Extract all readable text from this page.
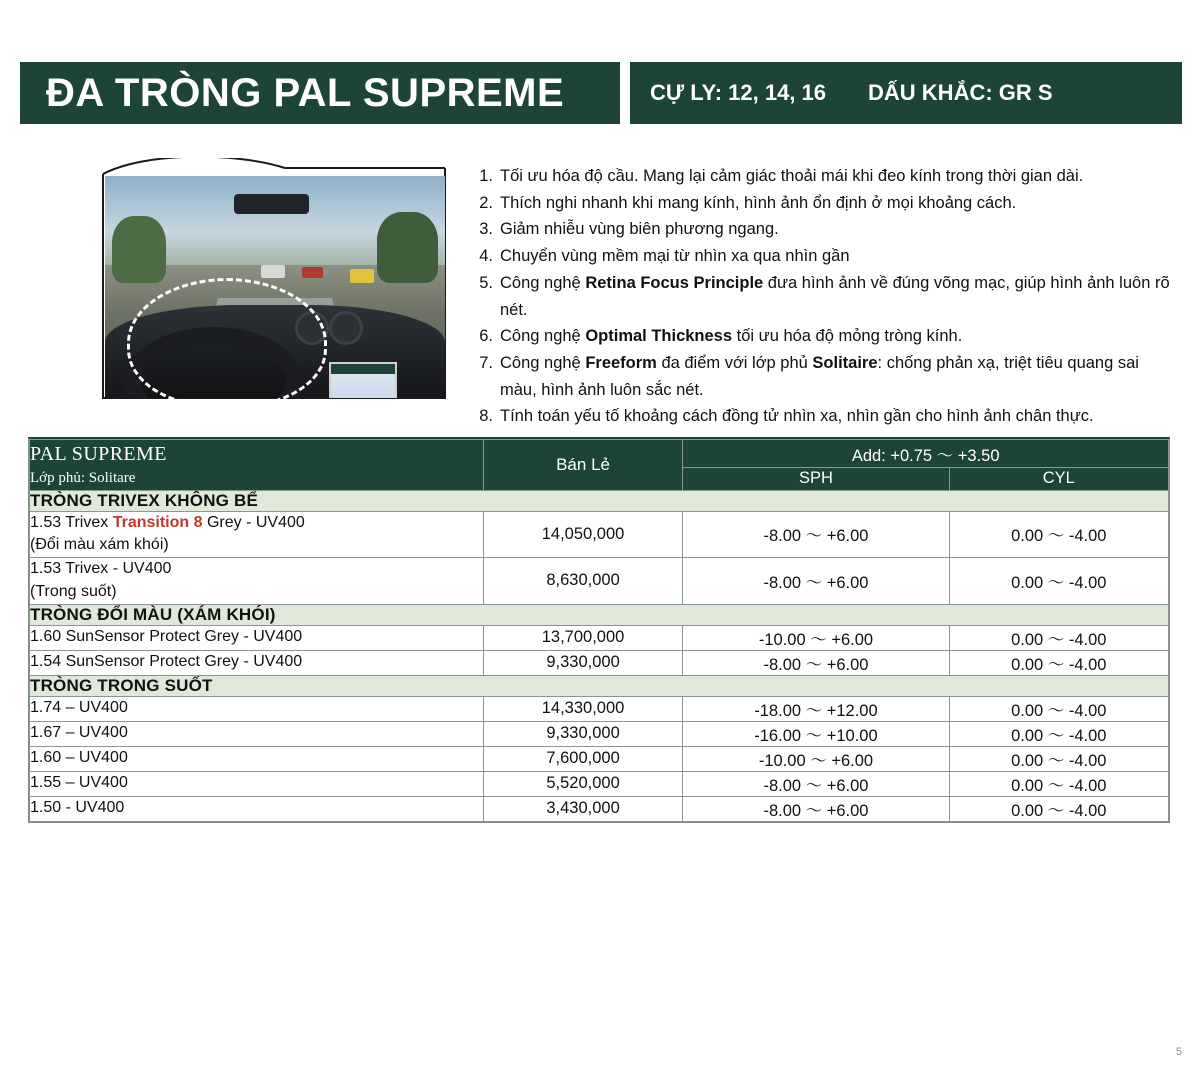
ĐA TRÒNG PAL SUPREME	CỰ LY: 12, 14, 16 DẤU KHẮC: GR S
1. Tối ưu hóa độ cầu. Mang lại cảm giác thoải mái khi đeo kính trong thời gian dài.
2. Thích nghi nhanh khi mang kính, hình ảnh ổn định ở mọi khoảng cách.
3. Giảm nhiễu vùng biên phương ngang.
4. Chuyển vùng mềm mại từ nhìn xa qua nhìn gần
5. Công nghệ Retina Focus Principle đưa hình ảnh về đúng võng mạc, giúp hình ảnh luôn rõ nét.
6. Công nghệ Optimal Thickness tối ưu hóa độ mỏng tròng kính.
7. Công nghệ Freeform đa điểm với lớp phủ Solitaire: chống phản xạ, triệt tiêu quang sai màu, hình ảnh luôn sắc nét.
8. Tính toán yếu tố khoảng cách đồng tử nhìn xa, nhìn gần cho hình ảnh chân thực.
PAL SUPREME
Lớp phủ: Solitare	Bán Lẻ	Add: +0.75 ～ +3.50	
		SPH	CYL
TRÒNG TRIVEX KHÔNG BỂ			

1.53 Trivex Transition 8 Grey - UV400
(Đổi màu xám khói)	14,050,000	-8.00 ～ +6.00	0.00 ～ -4.00

1.53 Trivex - UV400
(Trong suốt)	8,630,000	-8.00 ～ +6.00	0.00 ～ -4.00
TRÒNG ĐỔI MÀU (XÁM KHÓI)			
1.60 SunSensor Protect Grey - UV400	13,700,000	-10.00 ～ +6.00	0.00 ～ -4.00
1.54 SunSensor Protect Grey - UV400	9,330,000	-8.00 ～ +6.00	0.00 ～ -4.00
TRÒNG TRONG SUỐT			
1.74 – UV400	14,330,000	-18.00 ～ +12.00	0.00 ～ -4.00
1.67 – UV400	9,330,000	-16.00 ～ +10.00	0.00 ～ -4.00
1.60 – UV400	7,600,000	-10.00 ～ +6.00	0.00 ～ -4.00
1.55 – UV400	5,520,000	-8.00 ～ +6.00	0.00 ～ -4.00
1.50 - UV400	3,430,000	-8.00 ～ +6.00	0.00 ～ -4.00
5
